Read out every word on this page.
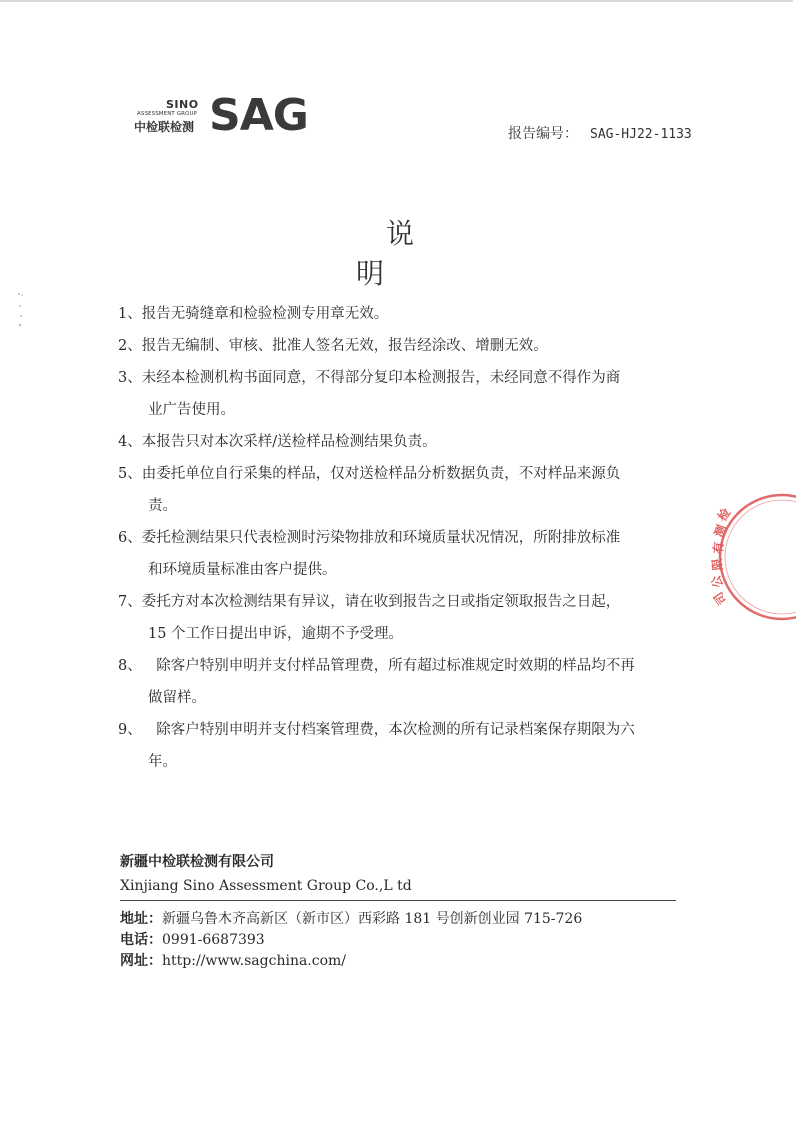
SINO
ASSESSMENT GROUP
中检联检测 SAG	报告编号： SAG-HJ22-1133
说明
1、报告无骑缝章和检验检测专用章无效。
2、报告无编制、审核、批准人签名无效，报告经涂改、增删无效。
3、未经本检测机构书面同意，不得部分复印本检测报告，未经同意不得作为商
业广告使用。
4、本报告只对本次采样/送检样品检测结果负责。
5、由委托单位自行采集的样品，仅对送检样品分析数据负责，不对样品来源负
责。
6、委托检测结果只代表检测时污染物排放和环境质量状况情况，所附排放标准
和环境质量标准由客户提供。
7、委托方对本次检测结果有异议，请在收到报告之日或指定领取报告之日起，
15 个工作日提出申诉，逾期不予受理。
8、　除客户特别申明并支付样品管理费，所有超过标准规定时效期的样品均不再
做留样。
9、　除客户特别申明并支付档案管理费，本次检测的所有记录档案保存期限为六
年。
新疆中检联检测有限公司
Xinjiang Sino Assessment Group Co.,L td
地址：新疆乌鲁木齐高新区（新市区）西彩路 181 号创新创业园 715-726
电话：0991-6687393
网址：http://www.sagchina.com/
检
测
有
限
公
司
